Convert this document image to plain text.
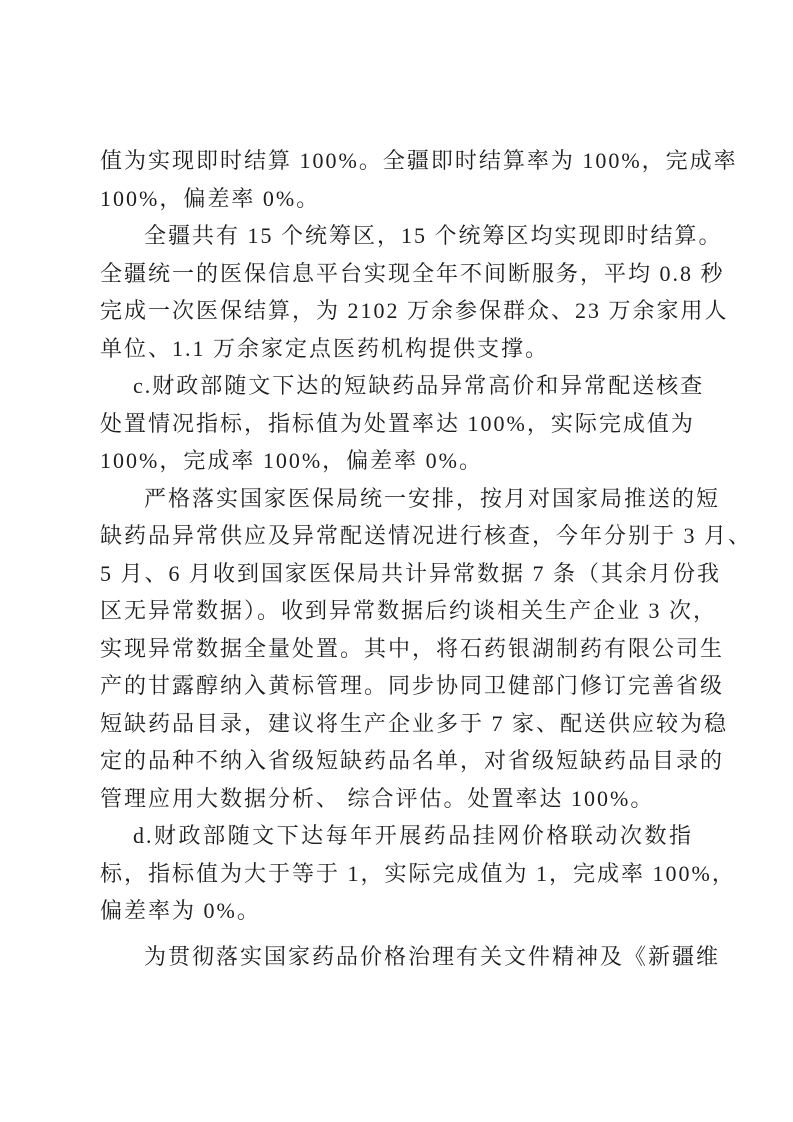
值为实现即时结算 100%。全疆即时结算率为 100%，完成率
100%，偏差率 0%。
全疆共有 15 个统筹区，15 个统筹区均实现即时结算。
全疆统一的医保信息平台实现全年不间断服务，平均 0.8 秒
完成一次医保结算，为 2102 万余参保群众、23 万余家用人
单位、1.1 万余家定点医药机构提供支撑。
c.财政部随文下达的短缺药品异常高价和异常配送核查
处置情况指标，指标值为处置率达 100%，实际完成值为
100%，完成率 100%，偏差率 0%。
严格落实国家医保局统一安排，按月对国家局推送的短
缺药品异常供应及异常配送情况进行核查，今年分别于 3 月、
5 月、6 月收到国家医保局共计异常数据 7 条（其余月份我
区无异常数据）。收到异常数据后约谈相关生产企业 3 次，
实现异常数据全量处置。其中，将石药银湖制药有限公司生
产的甘露醇纳入黄标管理。同步协同卫健部门修订完善省级
短缺药品目录，建议将生产企业多于 7 家、配送供应较为稳
定的品种不纳入省级短缺药品名单，对省级短缺药品目录的
管理应用大数据分析、 综合评估。处置率达 100%。
d.财政部随文下达每年开展药品挂网价格联动次数指
标，指标值为大于等于 1，实际完成值为 1，完成率 100%，
偏差率为 0%。
为贯彻落实国家药品价格治理有关文件精神及《新疆维
